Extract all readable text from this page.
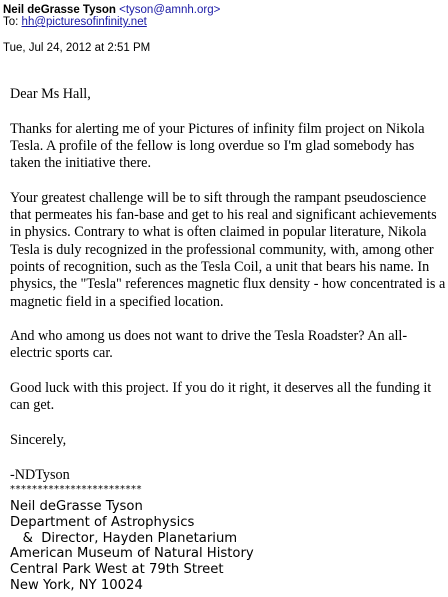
Neil deGrasse Tyson <tyson@amnh.org>
To: hh@picturesofinfinity.net
Tue, Jul 24, 2012 at 2:51 PM

Dear Ms Hall,

Thanks for alerting me of your Pictures of infinity film project on Nikola Tesla. A profile of the fellow is long overdue so I'm glad somebody has taken the initiative there.

Your greatest challenge will be to sift through the rampant pseudoscience that permeates his fan-base and get to his real and significant achievements in physics. Contrary to what is often claimed in popular literature, Nikola Tesla is duly recognized in the professional community, with, among other points of recognition, such as the Tesla Coil, a unit that bears his name. In physics, the "Tesla" references magnetic flux density - how concentrated is a magnetic field in a specified location.

And who among us does not want to drive the Tesla Roadster? An all-electric sports car.

Good luck with this project. If you do it right, it deserves all the funding it can get.

Sincerely,

-NDTyson

************************
Neil deGrasse Tyson
Department of Astrophysics
&  Director, Hayden Planetarium
American Museum of Natural History
Central Park West at 79th Street
New York, NY 10024
